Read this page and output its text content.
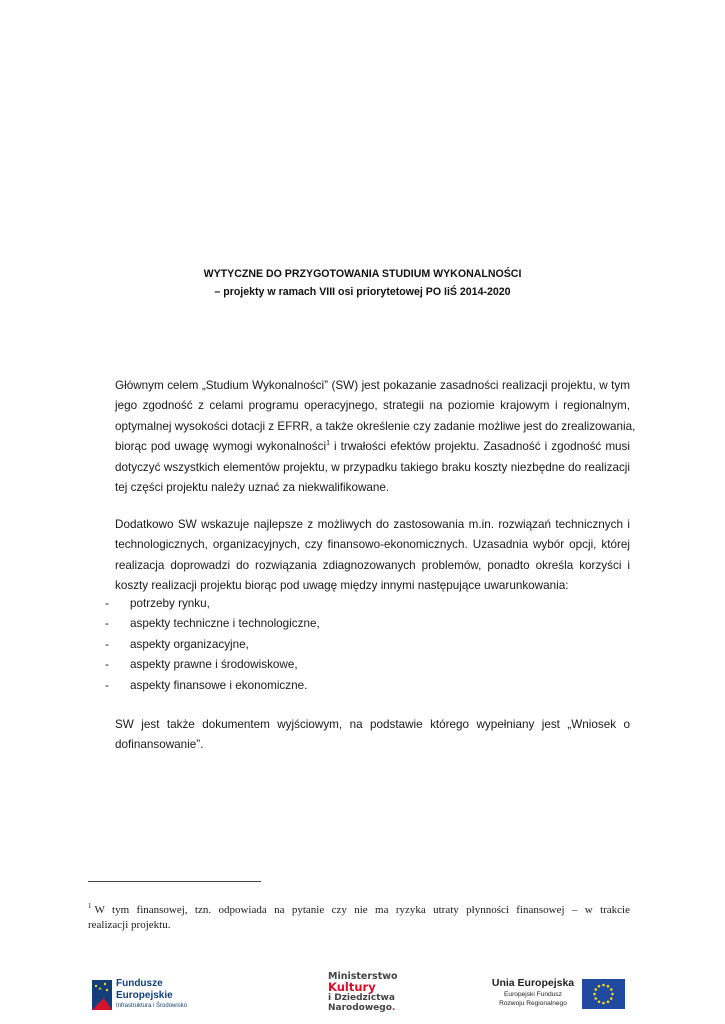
WYTYCZNE DO PRZYGOTOWANIA STUDIUM WYKONALNOŚCI
– projekty w ramach VIII osi priorytetowej PO IiŚ 2014-2020
Głównym celem „Studium Wykonalności” (SW) jest pokazanie zasadności realizacji projektu, w tym
jego zgodność z celami programu operacyjnego, strategii na poziomie krajowym i regionalnym,
optymalnej wysokości dotacji z EFRR, a także określenie czy zadanie możliwe jest do zrealizowania,
biorąc pod uwagę wymogi wykonalności$^1$ i trwałości efektów projektu. Zasadność i zgodność musi
dotyczyć wszystkich elementów projektu, w przypadku takiego braku koszty niezbędne do realizacji
tej części projektu należy uznać za niekwalifikowane.
Dodatkowo SW wskazuje najlepsze z możliwych do zastosowania m.in. rozwiązań technicznych i
technologicznych, organizacyjnych, czy finansowo-ekonomicznych. Uzasadnia wybór opcji, której
realizacja doprowadzi do rozwiązania zdiagnozowanych problemów, ponadto określa korzyści i
koszty realizacji projektu biorąc pod uwagę między innymi następujące uwarunkowania:
-	potrzeby rynku,
-	aspekty techniczne i technologiczne,
-	aspekty organizacyjne,
-	aspekty prawne i środowiskowe,
-	aspekty finansowe i ekonomiczne.
SW jest także dokumentem wyjściowym, na podstawie którego wypełniany jest „Wniosek o
dofinansowanie”.
$^1$ W tym finansowej, tzn. odpowiada na pytanie czy nie ma ryzyka utraty płynności finansowej – w trakcie
realizacji projektu.
Fundusze
Europejskie
Infrastruktura i Środowisko
Ministerstwo
Kultury
i Dziedzictwa
Narodowego.
Unia Europejska
Europejski Fundusz
Rozwoju Regionalnego
